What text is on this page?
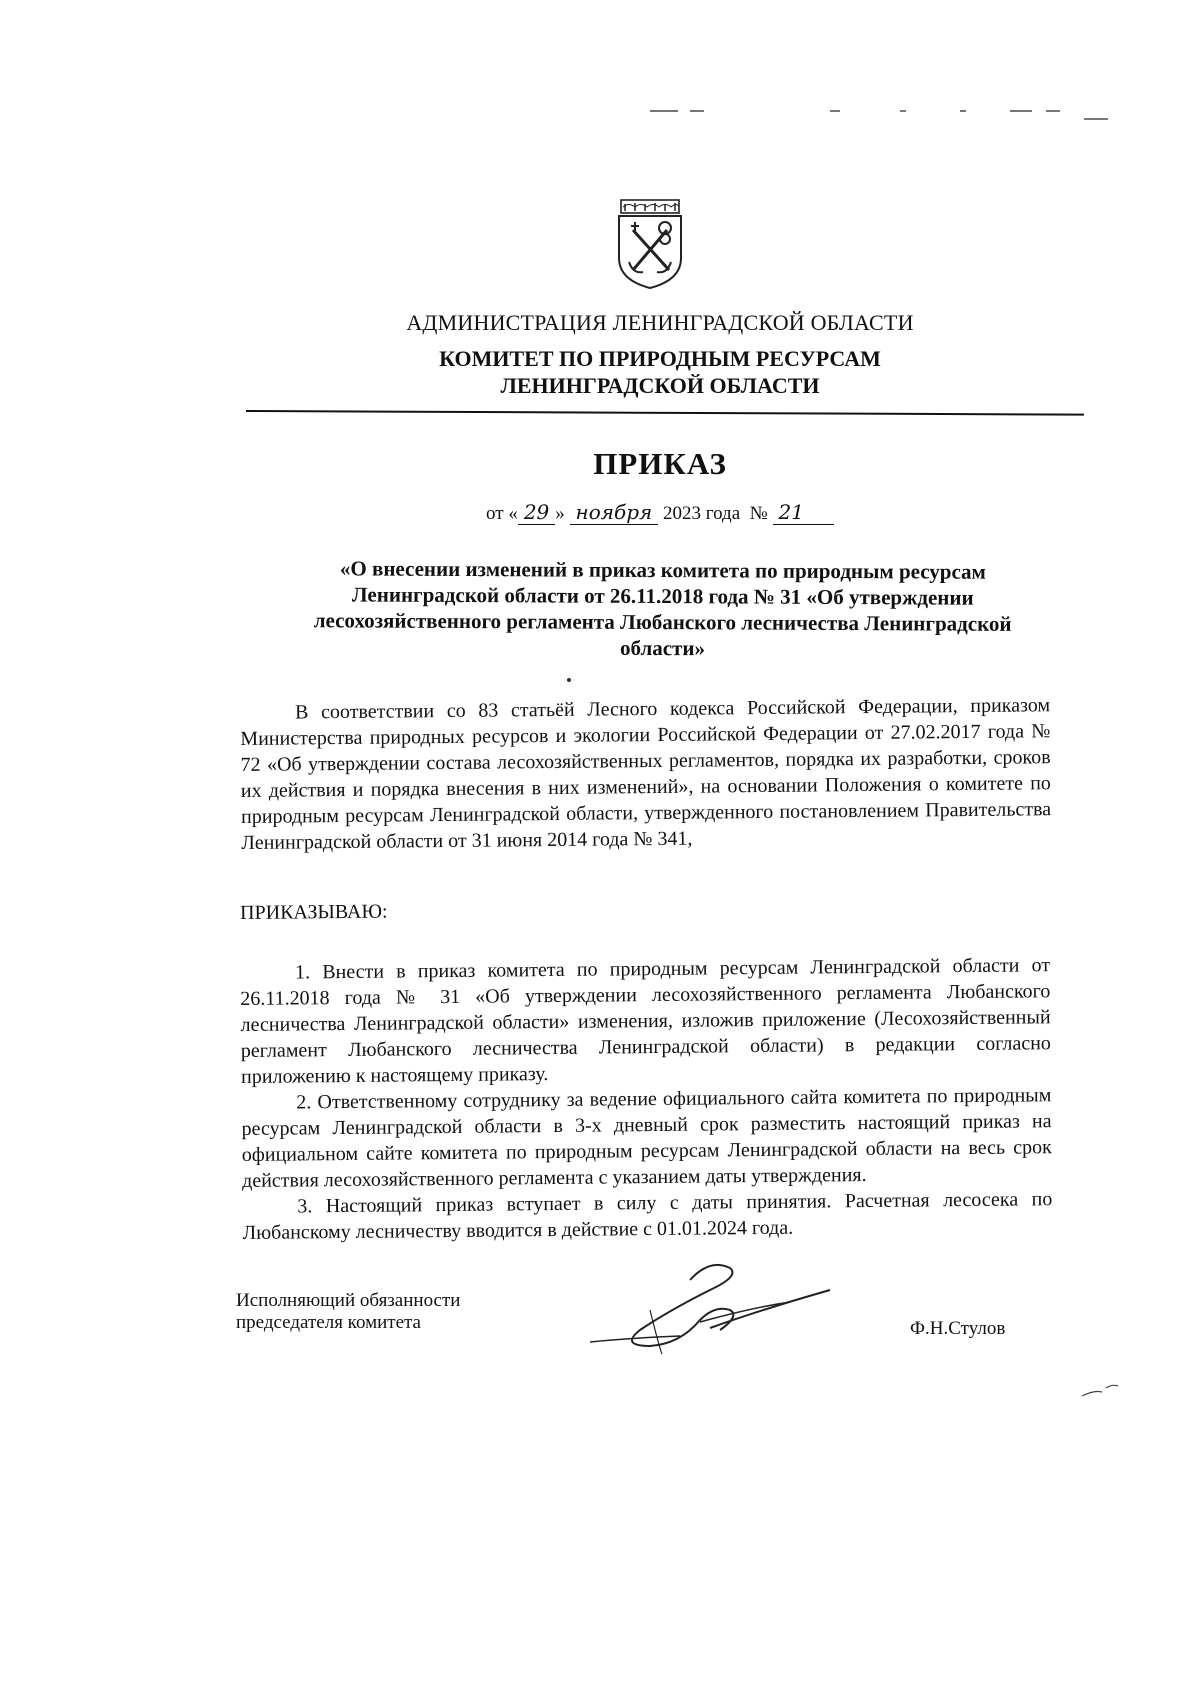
АДМИНИСТРАЦИЯ ЛЕНИНГРАДСКОЙ ОБЛАСТИ
КОМИТЕТ ПО ПРИРОДНЫМ РЕСУРСАМ
ЛЕНИНГРАДСКОЙ ОБЛАСТИ
ПРИКАЗ
от « 29 » ноября 2023 года № 21
«О внесении изменений в приказ комитета по природным ресурсам
Ленинградской области от 26.11.2018 года № 31 «Об утверждении
лесохозяйственного регламента Любанского лесничества Ленинградской
области»

В соответствии со 83 статьёй Лесного кодекса Российской Федерации, приказом Министерства природных ресурсов и экологии Российской Федерации от 27.02.2017 года № 72 «Об утверждении состава лесохозяйственных регламентов, порядка их разработки, сроков их действия и порядка внесения в них изменений», на основании Положения о комитете по природным ресурсам Ленинградской области, утвержденного постановлением Правительства Ленинградской области от 31 июня 2014 года № 341,

ПРИКАЗЫВАЮ:

1. Внести в приказ комитета по природным ресурсам Ленинградской области от 26.11.2018 года № 31 «Об утверждении лесохозяйственного регламента Любанского лесничества Ленинградской области» изменения, изложив приложение (Лесохозяйственный регламент Любанского лесничества Ленинградской области) в редакции согласно приложению к настоящему приказу.

2. Ответственному сотруднику за ведение официального сайта комитета по природным ресурсам Ленинградской области в 3-х дневный срок разместить настоящий приказ на официальном сайте комитета по природным ресурсам Ленинградской области на весь срок действия лесохозяйственного регламента с указанием даты утверждения.

3. Настоящий приказ вступает в силу с даты принятия. Расчетная лесосека по Любанскому лесничеству вводится в действие с 01.01.2024 года.

Исполняющий обязанности
председателя комитета	Ф.Н.Стулов
